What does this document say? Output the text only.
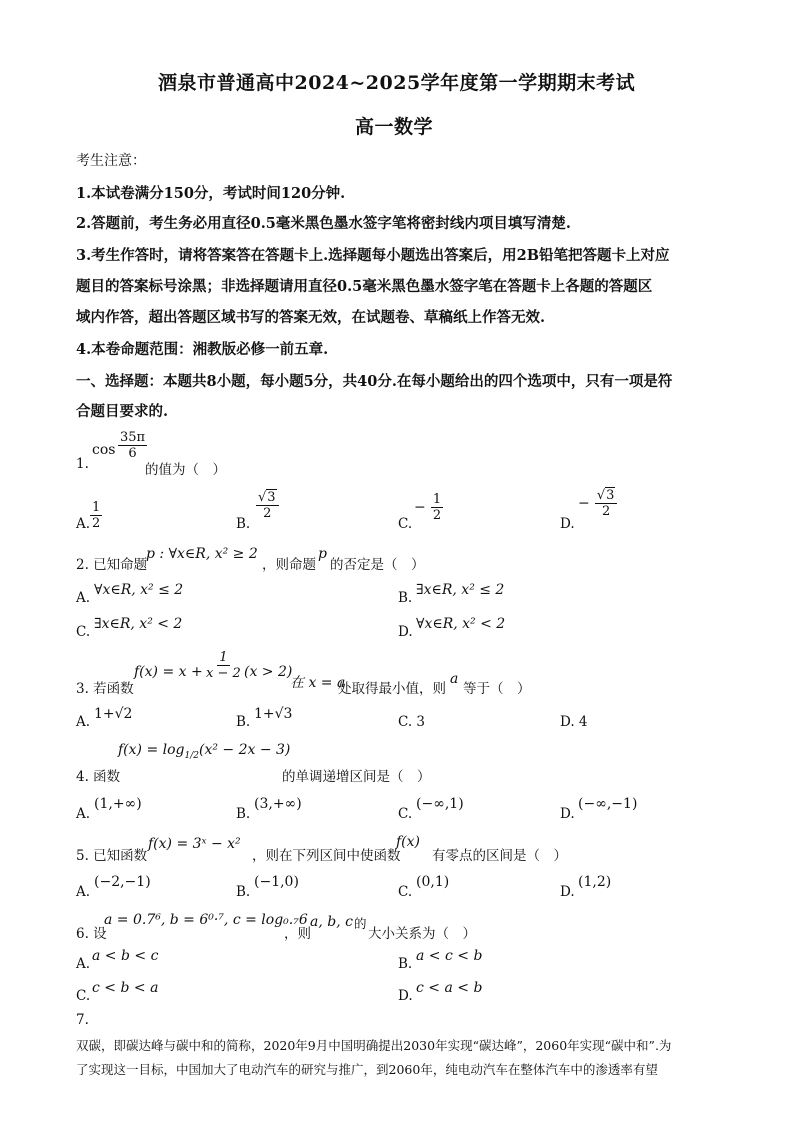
酒泉市普通高中2024~2025学年度第一学期期末考试
高一数学
考生注意：
1.本试卷满分150分，考试时间120分钟.
2.答题前，考生务必用直径0.5毫米黑色墨水签字笔将密封线内项目填写清楚.
3.考生作答时，请将答案答在答题卡上.选择题每小题选出答案后，用2B铅笔把答题卡上对应
题目的答案标号涂黑；非选择题请用直径0.5毫米黑色墨水签字笔在答题卡上各题的答题区
域内作答，超出答题区域书写的答案无效，在试题卷、草稿纸上作答无效.
4.本卷命题范围：湘教版必修一前五章.
一、选择题：本题共8小题，每小题5分，共40分.在每小题给出的四个选项中，只有一项是符
合题目要求的.
1.
$\cos \frac{35\pi}{6}$
的值为（　）
A. $\frac{1}{2}$	B.
$\frac{√3}{2}$
C.
− $\frac{1}{2}$
D.
− $\frac{√3}{2}$
2. 已知命题
p : ∀x∈R, x² ≥ 2
，则命题
p
的否定是（　）
A. ∀x∈R, x² ≤ 2	B. ∃x∈R, x² ≤ 2
C. ∃x∈R, x² < 2	D. ∀x∈R, x² < 2
3. 若函数
$f(x) = x + \frac{1}{x - 2} (x > 2)$
在 x = a
处取得最小值，则
a
等于（　）
A. 1+√2	B. 1+√3	C. 3	D. 4
$f(x) = \log_{1/2}(x^2 - 2x - 3)$
4. 函数	的单调递增区间是（　）
A.
(1,+∞)
B.
(3,+∞)
C.
(−∞,1)
D.
(−∞,−1)
5. 已知函数
f(x) = 3ˣ − x²
，则在下列区间中使函数
f(x)
有零点的区间是（　）
A.
(−2,−1)
B.
(−1,0)
C.
(0,1)
D.
(1,2)
6. 设
a = 0.7⁶, b = 6⁰·⁷, c = log₀.₇6
，则
a, b, c 的
大小关系为（　）
A. a < b < c	B. a < c < b
C. c < b < a	D. c < a < b
7.
双碳，即碳达峰与碳中和的简称，2020年9月中国明确提出2030年实现“碳达峰”，2060年实现“碳中和”.为
了实现这一目标，中国加大了电动汽车的研究与推广，到2060年，纯电动汽车在整体汽车中的渗透率有望
